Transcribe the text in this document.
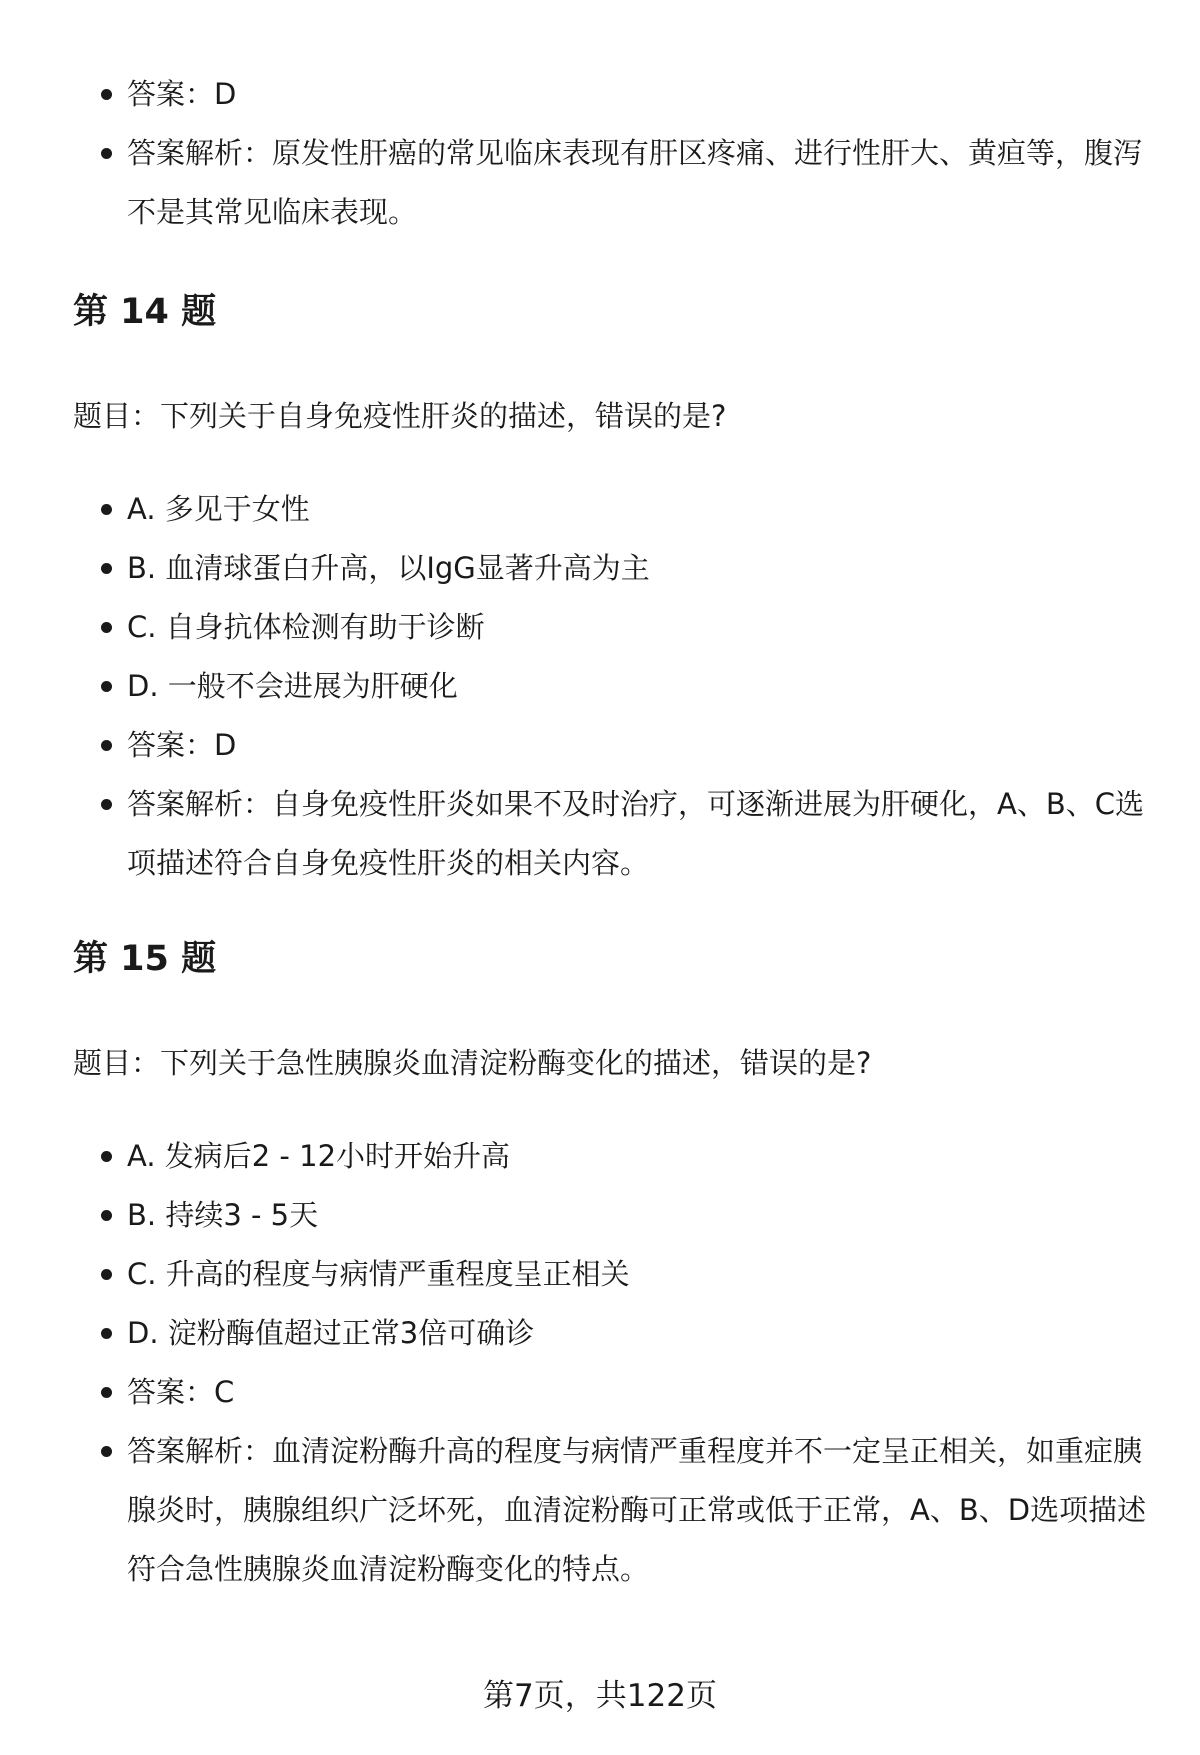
答案：D
答案解析：原发性肝癌的常见临床表现有肝区疼痛、进行性肝大、黄疸等，腹泻不是其常见临床表现。
第 14 题

题目：下列关于自身免疫性肝炎的描述，错误的是?

A. 多见于女性
B. 血清球蛋白升高，以IgG显著升高为主
C. 自身抗体检测有助于诊断
D. 一般不会进展为肝硬化
答案：D
答案解析：自身免疫性肝炎如果不及时治疗，可逐渐进展为肝硬化，A、B、C选项描述符合自身免疫性肝炎的相关内容。
第 15 题

题目：下列关于急性胰腺炎血清淀粉酶变化的描述，错误的是?

A. 发病后2 - 12小时开始升高
B. 持续3 - 5天
C. 升高的程度与病情严重程度呈正相关
D. 淀粉酶值超过正常3倍可确诊
答案：C
答案解析：血清淀粉酶升高的程度与病情严重程度并不一定呈正相关，如重症胰腺炎时，胰腺组织广泛坏死，血清淀粉酶可正常或低于正常，A、B、D选项描述符合急性胰腺炎血清淀粉酶变化的特点。
第7页，共122页
